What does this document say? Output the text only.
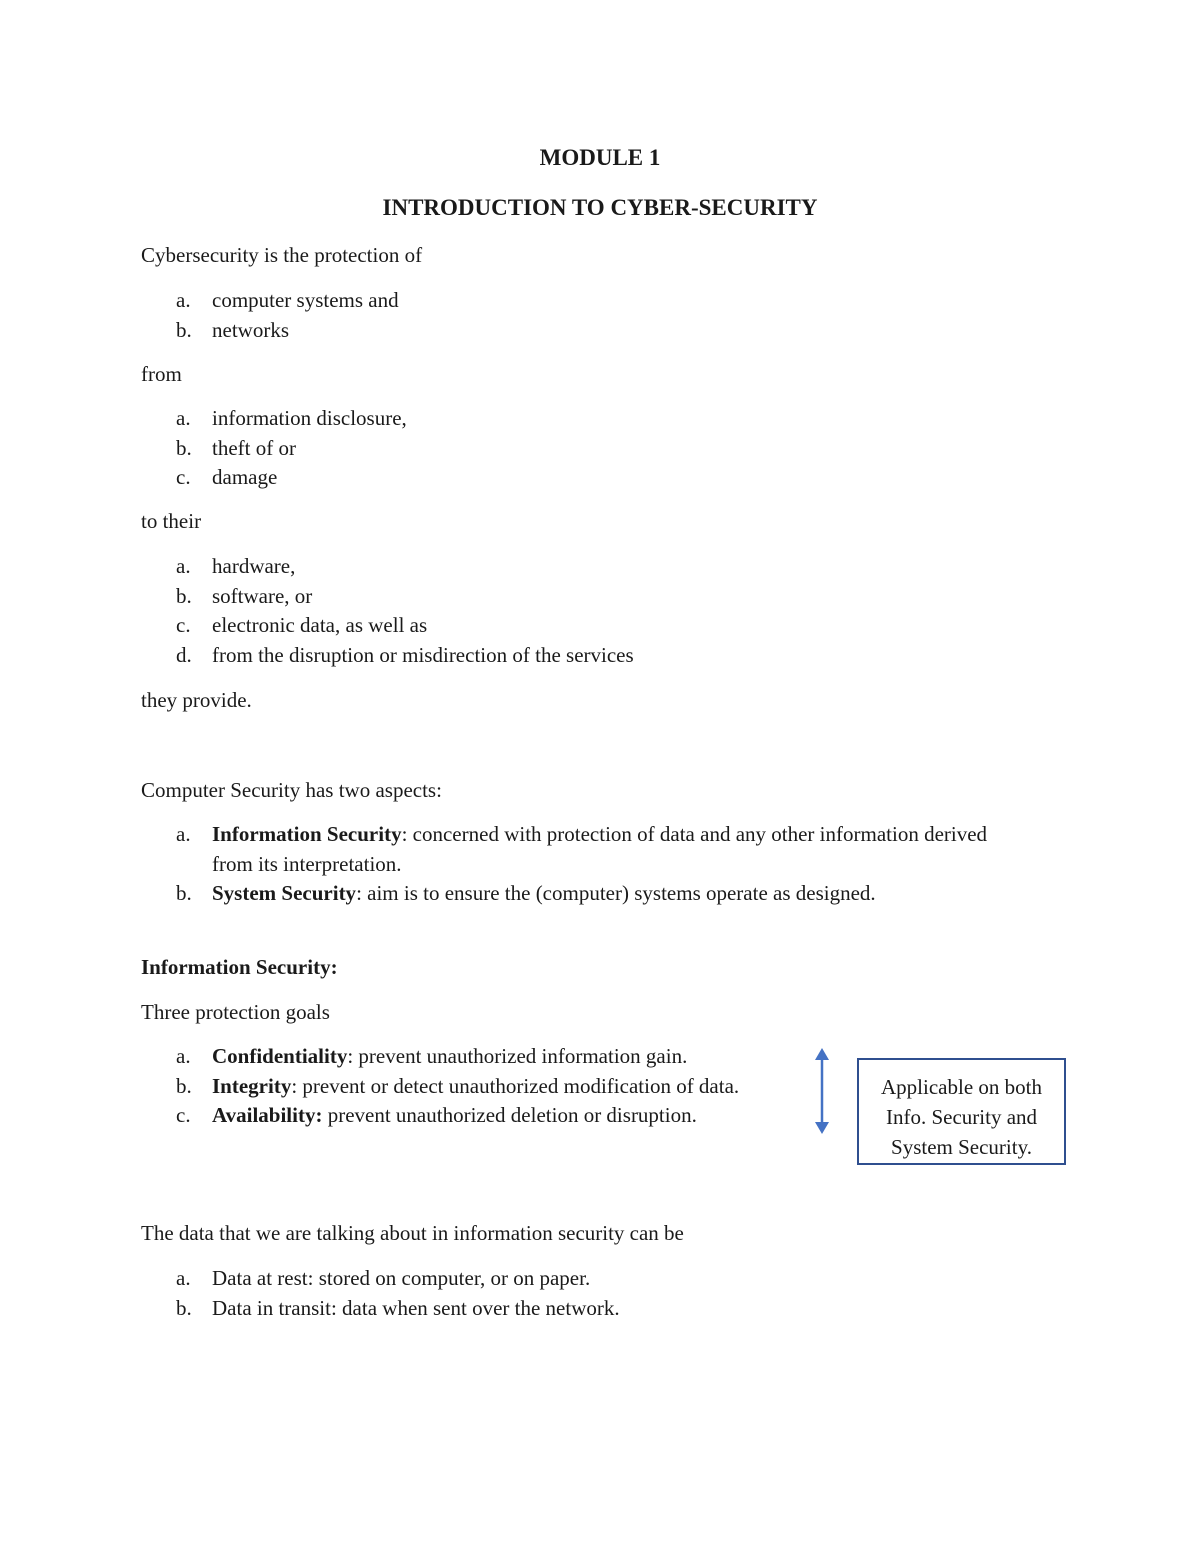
MODULE 1
INTRODUCTION TO CYBER-SECURITY

Cybersecurity is the protection of

a. computer systems and
b. networks

from

a. information disclosure,
b. theft of or
c. damage

to their

a. hardware,
b. software, or
c. electronic data, as well as
d. from the disruption or misdirection of the services

they provide.

Computer Security has two aspects:

a. Information Security: concerned with protection of data and any other information derived from its interpretation.
b. System Security: aim is to ensure the (computer) systems operate as designed.

Information Security:

Three protection goals

a. Confidentiality: prevent unauthorized information gain.
b. Integrity: prevent or detect unauthorized modification of data.
c. Availability: prevent unauthorized deletion or disruption.
Applicable on both
Info. Security and
System Security.

The data that we are talking about in information security can be

a. Data at rest: stored on computer, or on paper.
b. Data in transit: data when sent over the network.
